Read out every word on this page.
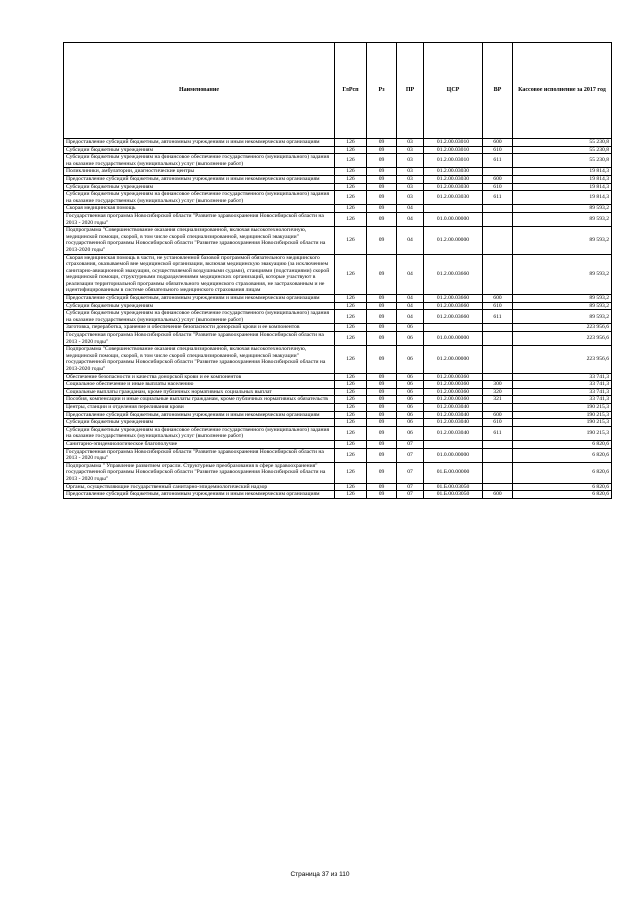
Наименование	ГлРсп	Рз	ПР	ЦСР	ВР	Кассовое исполнение за 2017 год
Предоставление субсидий бюджетным, автономным учреждениям и иным некоммерческим организациям	126	09	03	01.2.00.03010	600	55 230,8
Субсидии бюджетным учреждениям	126	09	03	01.2.00.03010	610	55 230,8
Субсидии бюджетным учреждениям на финансовое обеспечение государственного (муниципального) задания на оказание государственных (муниципальных) услуг (выполнение работ)	126	09	03	01.2.00.03010	611	55 230,8
Поликлиники, амбулатории, диагностические центры	126	09	03	01.2.00.03030		19 814,3
Предоставление субсидий бюджетным, автономным учреждениям и иным некоммерческим организациям	126	09	03	01.2.00.03030	600	19 814,3
Субсидии бюджетным учреждениям	126	09	03	01.2.00.03030	610	19 814,3
Субсидии бюджетным учреждениям на финансовое обеспечение государственного (муниципального) задания на оказание государственных (муниципальных) услуг (выполнение работ)	126	09	03	01.2.00.03030	611	19 814,3
Скорая медицинская помощь	126	09	04			89 593,2
Государственная программа Новосибирской области "Развитие здравоохранения Новосибирской области на 2013 - 2020 годы"	126	09	04	01.0.00.00000		89 593,2
Подпрограмма "Совершенствование оказания специализированной, включая высокотехнологичную, медицинской помощи, скорой, в том числе скорой специализированной, медицинской эвакуации" государственной программы Новосибирской области "Развитие здравоохранения Новосибирской области на 2013-2020 годы"	126	09	04	01.2.00.00000		89 593,2
Скорая медицинская помощь в части, не установленной базовой программой обязательного медицинского страхования, оказываемой вне медицинской организации, включая медицинскую эвакуацию (за исключением санитарно-авиационной эвакуации, осуществляемой воздушными судами), станциями (подстанциями) скорой медицинской помощи, структурными подразделениями медицинских организаций, которые участвуют в реализации территориальной программы обязательного медицинского страхования, не застрахованным и не идентифицированным в системе обязательного медицинского страхования лицам	126	09	04	01.2.00.03660		89 593,2
Предоставление субсидий бюджетным, автономным учреждениям и иным некоммерческим организациям	126	09	04	01.2.00.03660	600	89 593,2
Субсидии бюджетным учреждениям	126	09	04	01.2.00.03660	610	89 593,2
Субсидии бюджетным учреждениям на финансовое обеспечение государственного (муниципального) задания на оказание государственных (муниципальных) услуг (выполнение работ)	126	09	04	01.2.00.03660	611	89 593,2
Заготовка, переработка, хранение и обеспечение безопасности донорской крови и ее компонентов	126	09	06			223 956,6
Государственная программа Новосибирской области "Развитие здравоохранения Новосибирской области на 2013 - 2020 годы"	126	09	06	01.0.00.00000		223 956,6
Подпрограмма "Совершенствование оказания специализированной, включая высокотехнологичную, медицинской помощи, скорой, в том числе скорой специализированной, медицинской эвакуации" государственной программы Новосибирской области "Развитие здравоохранения Новосибирской области на 2013-2020 годы"	126	09	06	01.2.00.00000		223 956,6
Обеспечение безопасности и качества донорской крови и ее компонентов	126	09	06	01.2.00.00360		33 741,3
Социальное обеспечение и иные выплаты населению	126	09	06	01.2.00.00360	300	33 741,3
Социальные выплаты гражданам, кроме публичных нормативных социальных выплат	126	09	06	01.2.00.00360	320	33 741,3
Пособия, компенсации и иные социальные выплаты гражданам, кроме публичных нормативных обязательств	126	09	06	01.2.00.00360	321	33 741,3
Центры, станции и отделения переливания крови	126	09	06	01.2.00.03040		190 215,3
Предоставление субсидий бюджетным, автономным учреждениям и иным некоммерческим организациям	126	09	06	01.2.00.03040	600	190 215,3
Субсидии бюджетным учреждениям	126	09	06	01.2.00.03040	610	190 215,3
Субсидии бюджетным учреждениям на финансовое обеспечение государственного (муниципального) задания на оказание государственных (муниципальных) услуг (выполнение работ)	126	09	06	01.2.00.03040	611	190 215,3
Санитарно-эпидемиологическое благополучие	126	09	07			6 820,6
Государственная программа Новосибирской области "Развитие здравоохранения Новосибирской области на 2013 - 2020 годы"	126	09	07	01.0.00.00000		6 820,6
Подпрограмма " Управление развитием отрасли. Структурные преобразования в сфере здравоохранения" государственной программы Новосибирской области "Развитие здравоохранения Новосибирской области на 2013 - 2020 годы"	126	09	07	01.Б.00.00000		6 820,6
Органы, осуществляющие государственный санитарно-эпидемиологический надзор	126	09	07	01.Б.00.03050		6 820,6
Предоставление субсидий бюджетным, автономным учреждениям и иным некоммерческим организациям	126	09	07	01.Б.00.03050	600	6 820,6
Страница 37 из 110
